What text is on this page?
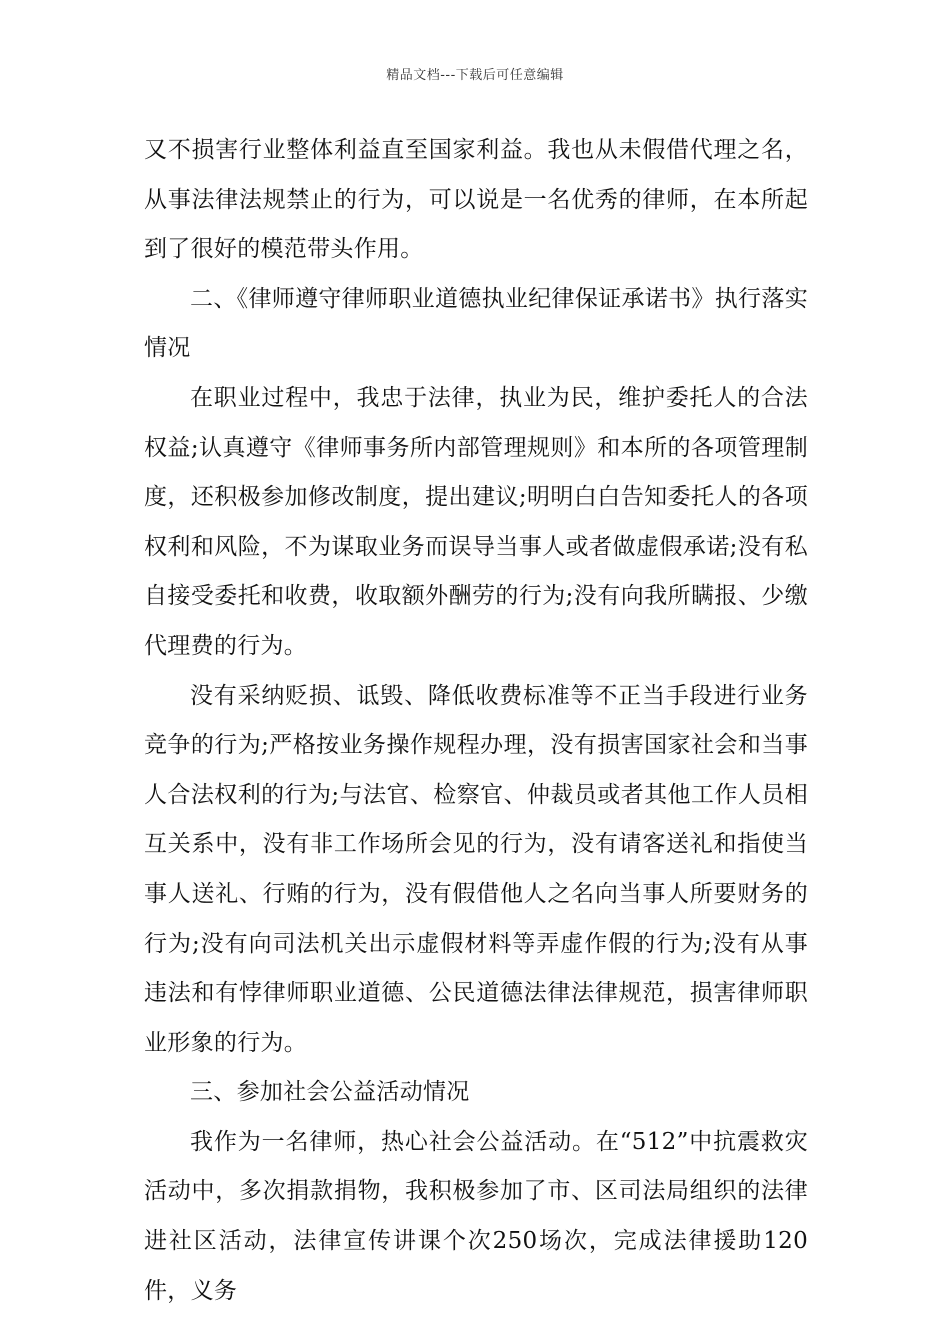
精品文档---下载后可任意编辑

又不损害行业整体利益直至国家利益。我也从未假借代理之名，从事法律法规禁止的行为，可以说是一名优秀的律师，在本所起到了很好的模范带头作用。

二、《律师遵守律师职业道德执业纪律保证承诺书》执行落实情况

在职业过程中，我忠于法律，执业为民，维护委托人的合法权益;认真遵守《律师事务所内部管理规则》和本所的各项管理制度，还积极参加修改制度，提出建议;明明白白告知委托人的各项权利和风险，不为谋取业务而误导当事人或者做虚假承诺;没有私自接受委托和收费，收取额外酬劳的行为;没有向我所瞒报、少缴代理费的行为。

没有采纳贬损、诋毁、降低收费标准等不正当手段进行业务竞争的行为;严格按业务操作规程办理，没有损害国家社会和当事人合法权利的行为;与法官、检察官、仲裁员或者其他工作人员相互关系中，没有非工作场所会见的行为，没有请客送礼和指使当事人送礼、行贿的行为，没有假借他人之名向当事人所要财务的行为;没有向司法机关出示虚假材料等弄虚作假的行为;没有从事违法和有悖律师职业道德、公民道德法律法律规范，损害律师职业形象的行为。

三、参加社会公益活动情况

我作为一名律师，热心社会公益活动。在“512”中抗震救灾活动中，多次捐款捐物，我积极参加了市、区司法局组织的法律进社区活动，法律宣传讲课个次250场次，完成法律援助120件，义务
